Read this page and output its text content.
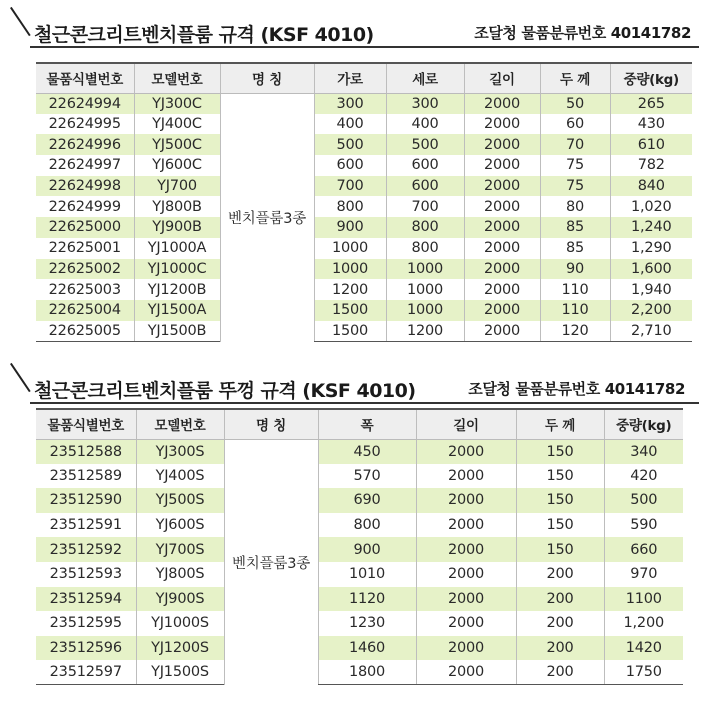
철근콘크리트벤치플룸 규격 (KSF 4010)	조달청 물품분류번호 40141782
물품식별번호	모델번호	명 칭	가로	세로	길이	두 께	중량(kg)
22624994	YJ300C	벤치플룸3종	300	300	2000	50	265
22624995	YJ400C		400	400	2000	60	430
22624996	YJ500C		500	500	2000	70	610
22624997	YJ600C		600	600	2000	75	782
22624998	YJ700		700	600	2000	75	840
22624999	YJ800B		800	700	2000	80	1,020
22625000	YJ900B		900	800	2000	85	1,240
22625001	YJ1000A		1000	800	2000	85	1,290
22625002	YJ1000C		1000	1000	2000	90	1,600
22625003	YJ1200B		1200	1000	2000	110	1,940
22625004	YJ1500A		1500	1000	2000	110	2,200
22625005	YJ1500B		1500	1200	2000	120	2,710
철근콘크리트벤치플룸 뚜껑 규격 (KSF 4010)	조달청 물품분류번호 40141782
물품식별번호	모델번호	명 칭	폭	길이	두 께	중량(kg)
23512588	YJ300S	벤치플룸3종	450	2000	150	340
23512589	YJ400S		570	2000	150	420
23512590	YJ500S		690	2000	150	500
23512591	YJ600S		800	2000	150	590
23512592	YJ700S		900	2000	150	660
23512593	YJ800S		1010	2000	200	970
23512594	YJ900S		1120	2000	200	1100
23512595	YJ1000S		1230	2000	200	1,200
23512596	YJ1200S		1460	2000	200	1420
23512597	YJ1500S		1800	2000	200	1750
